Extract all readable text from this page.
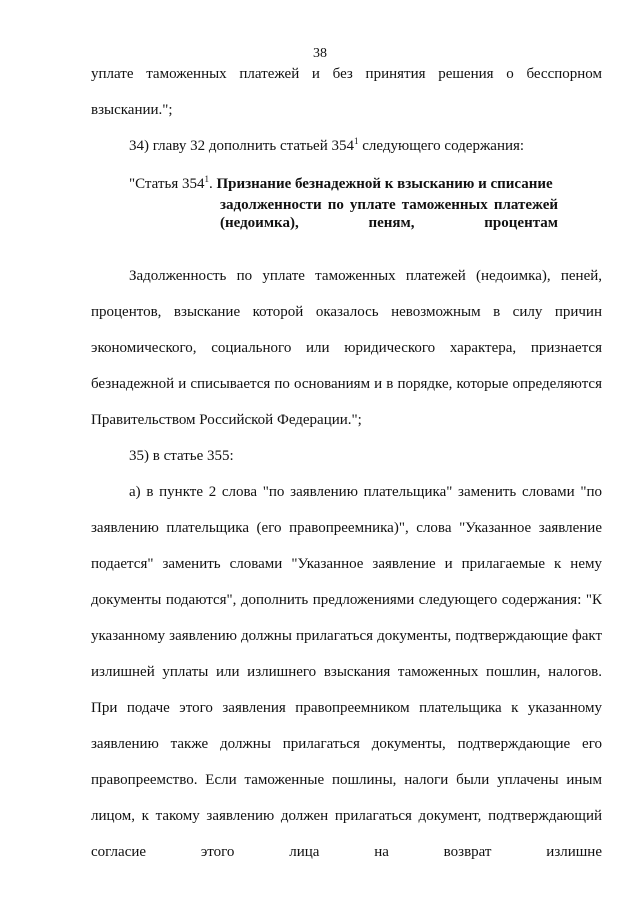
38

уплате таможенных платежей и без принятия решения о бесспорном

взыскании.";

34) главу 32 дополнить статьей $354^1$ следующего содержания:

"Статья $354^1$. Признание безнадежной к взысканию и списание
задолженности по уплате таможенных платежей (недоимка), пеням, процентам

Задолженность по уплате таможенных платежей (недоимка), пеней, процентов, взыскание которой оказалось невозможным в силу причин экономического, социального или юридического характера, признается безнадежной и списывается по основаниям и в порядке, которые определяются Правительством Российской Федерации.";

35) в статье 355:

а) в пункте 2 слова "по заявлению плательщика" заменить словами "по заявлению плательщика (его правопреемника)", слова "Указанное заявление подается" заменить словами "Указанное заявление и прилагаемые к нему документы подаются", дополнить предложениями следующего содержания: "К указанному заявлению должны прилагаться документы, подтверждающие факт излишней уплаты или излишнего взыскания таможенных пошлин, налогов. При подаче этого заявления правопреемником плательщика к указанному заявлению также должны прилагаться документы, подтверждающие его правопреемство. Если таможенные пошлины, налоги были уплачены иным лицом, к такому заявлению должен прилагаться документ, подтверждающий согласие этого лица на возврат излишне
